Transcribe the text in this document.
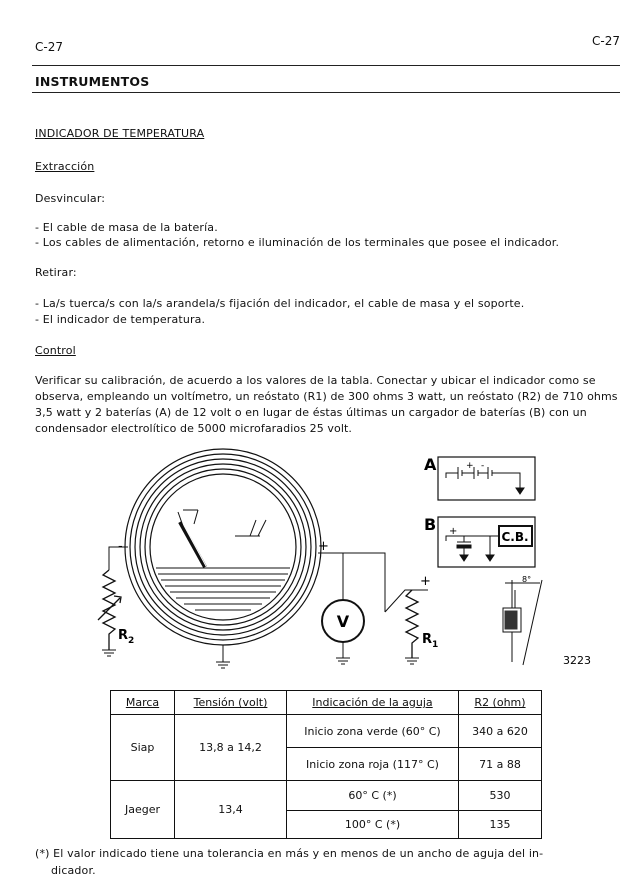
C-27	C-27
INSTRUMENTOS
INDICADOR DE TEMPERATURA
Extracción
Desvincular:
- El cable de masa de la batería.
- Los cables de alimentación, retorno e iluminación de los terminales que posee el indicador.
Retirar:
- La/s tuerca/s con la/s arandela/s fijación del indicador, el cable de masa y el soporte.
- El indicador de temperatura.
Control
Verificar su calibración, de acuerdo a los valores de la tabla. Conectar y ubicar el indicador como se observa, empleando un voltímetro, un reóstato (R1) de 300 ohms 3 watt, un reóstato (R2) de 710 ohms 3,5 watt y 2 baterías (A) de 12 volt o en lugar de éstas últimas un cargador de baterías (B) con un condensador electrolítico de 5000 microfaradios 25 volt.
-	+
$R_2$
V
+
$R_1$
A	+ -
B +	C.B.
8°
3223
Marca	Tensión (volt)	Indicación de la aguja	R2 (ohm)
Siap	13,8 a 14,2	Inicio zona verde (60° C)	340 a 620
		Inicio zona roja (117° C)	71 a 88
Jaeger	13,4	60° C (*)	530
		100° C (*)	135
(*) El valor indicado tiene una tolerancia en más y en menos de un ancho de aguja del in-
dicador.
